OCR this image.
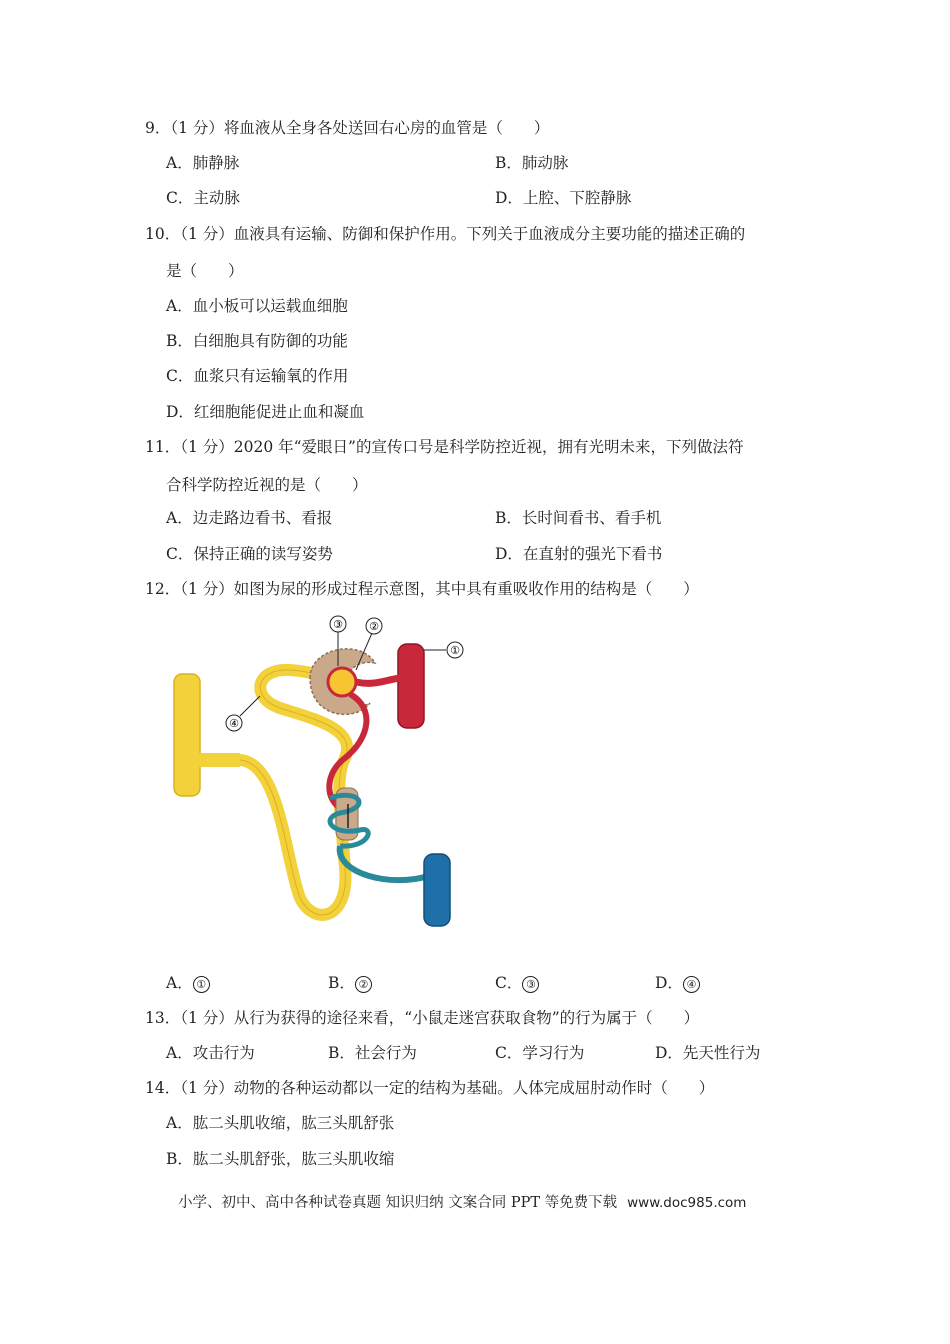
9．（1 分）将血液从全身各处送回右心房的血管是（　　）
A．肺静脉	B．肺动脉
C．主动脉	D．上腔、下腔静脉
10．（1 分）血液具有运输、防御和保护作用。下列关于血液成分主要功能的描述正确的
是（　　）
A．血小板可以运载血细胞
B．白细胞具有防御的功能
C．血浆只有运输氧的作用
D．红细胞能促进止血和凝血
11．（1 分）2020 年“爱眼日”的宣传口号是科学防控近视，拥有光明未来，下列做法符
合科学防控近视的是（　　）
A．边走路边看书、看报	B．长时间看书、看手机
C．保持正确的读写姿势	D．在直射的强光下看书
12．（1 分）如图为尿的形成过程示意图，其中具有重吸收作用的结构是（　　）
①
②
③
④
A． ①	B． ②	C． ③	D． ④
13．（1 分）从行为获得的途径来看，“小鼠走迷宫获取食物”的行为属于（　　）
A．攻击行为	B．社会行为	C．学习行为	D．先天性行为
14．（1 分）动物的各种运动都以一定的结构为基础。人体完成屈肘动作时（　　）
A．肱二头肌收缩，肱三头肌舒张
B．肱二头肌舒张，肱三头肌收缩
小学、初中、高中各种试卷真题 知识归纳 文案合同 PPT 等免费下载 www.doc985.com
